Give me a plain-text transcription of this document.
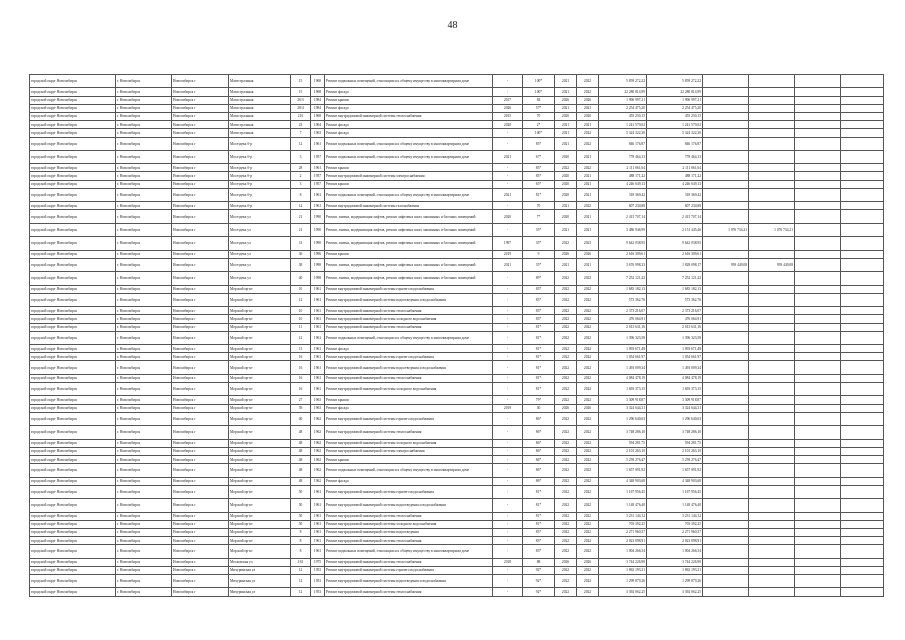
48
городской округ Новосибирск	г. Новосибирск	Новосибирск г	Магистральная	15	1968	Ремонт подвальных помещений, относящихся к общему имуществу в многоквартирном доме	-	100*	2021	2022	5 859 272,22	5 859 272,22				
городской округ Новосибирск	г. Новосибирск	Новосибирск г	Магистральная	15	1968	Ремонт фасада	-	100*	2021	2022	22 280 814,99	22 280 814,99				
городской округ Новосибирск	г. Новосибирск	Новосибирск г	Магистральная	26/3	1984	Ремонт крыши	2017	84	2026	2026	1 996 997,21	1 996 997,21				
городской округ Новосибирск	г. Новосибирск	Новосибирск г	Магистральная	28/4	1984	Ремонт фасада	2026	57*	2021	2021	2 254 475,20	2 254 475,20				
городской округ Новосибирск	г. Новосибирск	Новосибирск г	Магистральная	21б	1968	Ремонт внутридомовой инженерной системы теплоснабжения	2015	70	2020	2020	455 250,15	455 250,15				
городской округ Новосибирск	г. Новосибирск	Новосибирск г	Магистральная	23	1964	Ремонт фасада	2020	2*	2021	2021	1 241 570,02	1 241 570,02				
городской округ Новосибирск	г. Новосибирск	Новосибирск г	Магистральная	7	1963	Ремонт фасада	-	100*	2021	2022	5 324 322,30	5 324 322,30				
городской округ Новосибирск	г. Новосибирск	Новосибирск г	Мосездека б-р	12	1961	Ремонт подвальных помещений, относящихся к общему имуществу в многоквартирном доме	-	83*	2021	2022	846 176,87	846 176,87				
городской округ Новосибирск	г. Новосибирск	Новосибирск г	Мосездека б-р	3	1957	Ремонт подвальных помещений, относящихся к общему имуществу в многоквартирном доме	2021	67*	2020	2021	778 464,13	778 464,13				
городской округ Новосибирск	г. Новосибирск	Новосибирск г	Мосездека б-р	28	1961	Ремонт крыши	-	83*	2022	2022	2 111 061,64	2 111 061,64				
городской округ Новосибирск	г. Новосибирск	Новосибирск г	Мосездека б-р	2	1957	Ремонт внутридомовой инженерной системы электроснабжения	-	83*	2020	2021	488 171,22	488 171,22				
городской округ Новосибирск	г. Новосибирск	Новосибирск г	Мосездека б-р	3	1957	Ремонт крыши	-	65*	2020	2021	4 246 649,13	4 246 649,13				
городской округ Новосибирск	г. Новосибирск	Новосибирск г	Мосездека б-р	8	1961	Ремонт подвальных помещений, относящихся к общему имуществу в многоквартирном доме	2021	81*	2020	2021	318 369,42	318 369,42				
городской округ Новосибирск	г. Новосибирск	Новосибирск г	Мосездека б-р	12	1961	Ремонт внутридомовой инженерной системы газоснабжения	-	70	2021	2022	607 230,88	607 230,88				
городской округ Новосибирск	г. Новосибирск	Новосибирск г	Мосездека ул	21	1990	Ремонт, замена, модернизация лифтов, ремонт лифтовых шахт, машинных и блочных помещений	2020	7*	2020	2021	2 415 707,14	2 415 707,14				
городской округ Новосибирск	г. Новосибирск	Новосибирск г	Мосездека ул	21	1990	Ремонт, замена, модернизация лифтов, ремонт лифтовых шахт, машинных и блочных помещений	-	35*	2021	2021	3 486 946,99	2 151 445,46	1 076 734,21	1 076 734,21		
городской округ Новосибирск	г. Новосибирск	Новосибирск г	Мосездека ул	31	1990	Ремонт, замена, модернизация лифтов, ремонт лифтовых шахт, машинных и блочных помещений	1997	35*	2022	2023	9 642 038,95	9 642 038,95				
городской округ Новосибирск	г. Новосибирск	Новосибирск г	Мосездека ул	36	1996	Ремонт крыши	2019	9	2026	2026	2 616 309,61	2 616 309,61				
городской округ Новосибирск	г. Новосибирск	Новосибирск г	Мосездека ул	38	1998	Ремонт, замена, модернизация лифтов, ремонт лифтовых шахт, машинных и блочных помещений	2021	35*	2021	2021	3 676 998,33	1 828 098,17	939 449,08	939 449,08		
городской округ Новосибирск	г. Новосибирск	Новосибирск г	Мосездека ул	40	1998	Ремонт, замена, модернизация лифтов, ремонт лифтовых шахт, машинных и блочных помещений	-	89*	2022	2022	7 252 121,42	7 252 121,42				
городской округ Новосибирск	г. Новосибирск	Новосибирск г	Морской пр-кт	10	1961	Ремонт внутридомовой инженерной системы горячего водоснабжения	-	83*	2022	2022	1 683 182,13	1 683 182,13				
городской округ Новосибирск	г. Новосибирск	Новосибирск г	Морской пр-кт	12	1961	Ремонт внутридомовой инженерной системы водоотведения и водоснабжения	-	83*	2022	2022	573 362,76	573 362,76				
городской округ Новосибирск	г. Новосибирск	Новосибирск г	Морской пр-кт	10	1961	Ремонт внутридомовой инженерной системы теплоснабжения	-	83*	2022	2022	2 373 216,07	2 373 216,07				
городской округ Новосибирск	г. Новосибирск	Новосибирск г	Морской пр-кт	10	1961	Ремонт внутридомовой инженерной системы холодного водоснабжения	-	83*	2022	2022	476 064,91	476 064,91				
городской округ Новосибирск	г. Новосибирск	Новосибирск г	Морской пр-кт	11	1961	Ремонт внутридомовой инженерной системы теплоснабжения	-	81*	2022	2022	2 013 631,16	2 013 631,16				
городской округ Новосибирск	г. Новосибирск	Новосибирск г	Морской пр-кт	12	1961	Ремонт подвальных помещений, относящихся к общему имуществу в многоквартирном доме	-	81*	2022	2022	1 396 323,58	1 396 323,58				
городской округ Новосибирск	г. Новосибирск	Новосибирск г	Морской пр-кт	13	1961	Ремонт фасада	-	81*	2022	2022	1 093 671,48	1 093 671,48				
городской округ Новосибирск	г. Новосибирск	Новосибирск г	Морской пр-кт	16	1961	Ремонт внутридомовой инженерной системы горячего водоснабжения	-	81*	2022	2022	1 054 661,97	1 054 661,97				
городской округ Новосибирск	г. Новосибирск	Новосибирск г	Морской пр-кт	16	1961	Ремонт внутридомовой инженерной системы водоотведения и водоснабжения	-	81*	2022	2022	1 493 009,34	1 493 009,34				
городской округ Новосибирск	г. Новосибирск	Новосибирск г	Морской пр-кт	16	1961	Ремонт внутридомовой инженерной системы теплоснабжения	-	81*	2022	2022	4 084 478,19	4 084 478,19				
городской округ Новосибирск	г. Новосибирск	Новосибирск г	Морской пр-кт	16	1961	Ремонт внутридомовой инженерной системы холодного водоснабжения	-	81*	2022	2022	1 693 373,15	1 693 373,15				
городской округ Новосибирск	г. Новосибирск	Новосибирск г	Морской пр-кт	27	1963	Ремонт крыши	-	79*	2022	2022	3 309 918,87	3 309 918,87				
городской округ Новосибирск	г. Новосибирск	Новосибирск г	Морской пр-кт	39	1963	Ремонт фасада	2019	30	2026	2026	3 324 644,31	3 324 644,31				
городской округ Новосибирск	г. Новосибирск	Новосибирск г	Морской пр-кт	40	1962	Ремонт внутридомовой инженерной системы горячего водоснабжения	-	86*	2022	2022	1 296 640,63	1 296 640,63				
городской округ Новосибирск	г. Новосибирск	Новосибирск г	Морской пр-кт	48	1962	Ремонт внутридомовой инженерной системы теплоснабжения	-	86*	2022	2022	3 748 286,10	3 748 286,10				
городской округ Новосибирск	г. Новосибирск	Новосибирск г	Морской пр-кт	48	1962	Ремонт внутридомовой инженерной системы холодного водоснабжения	-	86*	2022	2022	594 281,75	594 281,75				
городской округ Новосибирск	г. Новосибирск	Новосибирск г	Морской пр-кт	48	1962	Ремонт внутридомовой инженерной системы электроснабжения	-	86*	2022	2022	2 101 263,10	2 101 263,10				
городской округ Новосибирск	г. Новосибирск	Новосибирск г	Морской пр-кт	48	1962	Ремонт крыши	-	86*	2022	2022	5 259 276,47	5 259 276,47				
городской округ Новосибирск	г. Новосибирск	Новосибирск г	Морской пр-кт	48	1962	Ремонт подвальных помещений, относящихся к общему имуществу в многоквартирном доме	-	86*	2022	2022	1 657 091,92	1 657 091,92				
городской округ Новосибирск	г. Новосибирск	Новосибирск г	Морской пр-кт	48	1962	Ремонт фасада	-	86*	2022	2022	4 348 903,68	4 348 903,68				
городской округ Новосибирск	г. Новосибирск	Новосибирск г	Морской пр-кт	50	1961	Ремонт внутридомовой инженерной системы горячего водоснабжения	-	81*	2022	2022	1 167 956,45	1 167 956,45				
городской округ Новосибирск	г. Новосибирск	Новосибирск г	Морской пр-кт	50	1961	Ремонт внутридомовой инженерной системы водоотведения и водоснабжения	-	81*	2022	2022	1 148 476,40	1 148 476,40				
городской округ Новосибирск	г. Новосибирск	Новосибирск г	Морской пр-кт	50	1961	Ремонт внутридомовой инженерной системы теплоснабжения	-	81*	2022	2022	3 231 144,12	3 231 144,12				
городской округ Новосибирск	г. Новосибирск	Новосибирск г	Морской пр-кт	50	1961	Ремонт внутридомовой инженерной системы холодного водоснабжения	-	81*	2022	2022	703 392,25	703 392,25				
городской округ Новосибирск	г. Новосибирск	Новосибирск г	Морской пр-кт	8	1961	Ремонт внутридомовой инженерной системы водоотведения	-	83*	2022	2022	2 271 960,57	2 271 960,57				
городской округ Новосибирск	г. Новосибирск	Новосибирск г	Морской пр-кт	8	1961	Ремонт внутридомовой инженерной системы теплоснабжения	-	83*	2022	2022	2 023 098,91	2 023 098,91				
городской округ Новосибирск	г. Новосибирск	Новосибирск г	Морской пр-кт	8	1961	Ремонт подвальных помещений, относящихся к общему имуществу в многоквартирном доме	-	83*	2022	2022	1 004 266,54	1 004 266,54				
городской округ Новосибирск	г. Новосибирск	Новосибирск г	Московская ул	163	1975	Ремонт внутридомовой инженерной системы теплоснабжения	2018	88	2026	2026	3 744 226,90	3 744 226,90				
городской округ Новосибирск	г. Новосибирск	Новосибирск г	Мичуринская ул	12	1953	Ремонт внутридомовой инженерной системы горячего водоснабжения	-	92*	2022	2022	1 863 193,31	1 863 193,31				
городской округ Новосибирск	г. Новосибирск	Новосибирск г	Мичуринская ул	12	1953	Ремонт внутридомовой инженерной системы водоотведения и водоснабжения	-	92*	2022	2022	1 299 879,26	1 299 879,26				
городской округ Новосибирск	г. Новосибирск	Новосибирск г	Мичуринская ул	12	1953	Ремонт внутридомовой инженерной системы теплоснабжения	-	92*	2022	2022	3 392 062,25	3 392 062,25				
